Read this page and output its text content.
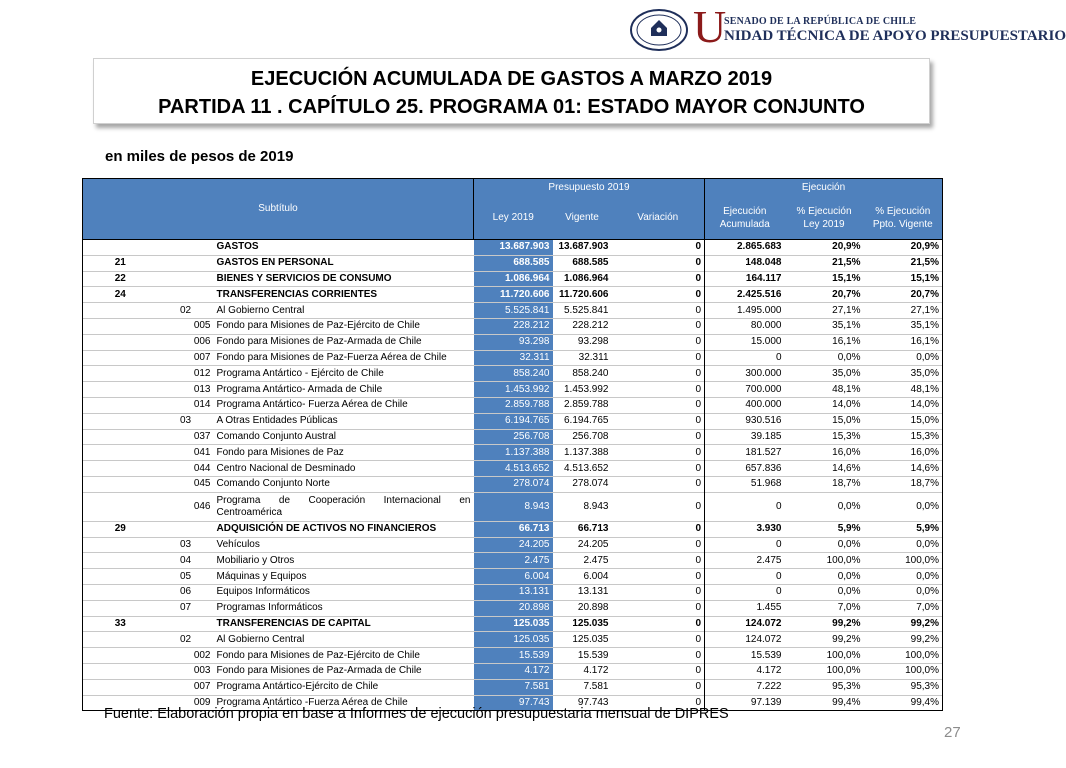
U
SENADO DE LA REPÚBLICA DE CHILE
NIDAD TÉCNICA DE APOYO PRESUPUESTARIO
EJECUCIÓN ACUMULADA DE GASTOS A MARZO 2019
PARTIDA 11 . CAPÍTULO 25. PROGRAMA 01: ESTADO MAYOR CONJUNTO
en miles de pesos de 2019
Subtítulo			Presupuesto 2019			Ejecución		
			Ley 2019	Vigente	Variación	Ejecución Acumulada	% Ejecución Ley 2019	% Ejecución Ppto. Vigente
			GASTOS	13.687.903	13.687.903	0	2.865.683	20,9%	20,9%
21			GASTOS EN PERSONAL	688.585	688.585	0	148.048	21,5%	21,5%
22			BIENES Y SERVICIOS DE CONSUMO	1.086.964	1.086.964	0	164.117	15,1%	15,1%
24			TRANSFERENCIAS CORRIENTES	11.720.606	11.720.606	0	2.425.516	20,7%	20,7%
	02		Al Gobierno Central	5.525.841	5.525.841	0	1.495.000	27,1%	27,1%
	005		Fondo para Misiones de Paz-Ejército de Chile	228.212	228.212	0	80.000	35,1%	35,1%
	006		Fondo para Misiones de Paz-Armada de Chile	93.298	93.298	0	15.000	16,1%	16,1%
	007		Fondo para Misiones de Paz-Fuerza Aérea de Chile	32.311	32.311	0	0	0,0%	0,0%
	012		Programa Antártico - Ejército de Chile	858.240	858.240	0	300.000	35,0%	35,0%
	013		Programa Antártico- Armada de Chile	1.453.992	1.453.992	0	700.000	48,1%	48,1%
	014		Programa Antártico- Fuerza Aérea de Chile	2.859.788	2.859.788	0	400.000	14,0%	14,0%
	03		A Otras Entidades Públicas	6.194.765	6.194.765	0	930.516	15,0%	15,0%
	037		Comando Conjunto Austral	256.708	256.708	0	39.185	15,3%	15,3%
	041		Fondo para Misiones de Paz	1.137.388	1.137.388	0	181.527	16,0%	16,0%
	044		Centro Nacional de Desminado	4.513.652	4.513.652	0	657.836	14,6%	14,6%
	045		Comando Conjunto Norte	278.074	278.074	0	51.968	18,7%	18,7%
	046		Programa de Cooperación Internacional en Centroamérica	8.943	8.943	0	0	0,0%	0,0%
29			ADQUISICIÓN DE ACTIVOS NO FINANCIEROS	66.713	66.713	0	3.930	5,9%	5,9%
	03		Vehículos	24.205	24.205	0	0	0,0%	0,0%
	04		Mobiliario y Otros	2.475	2.475	0	2.475	100,0%	100,0%
	05		Máquinas y Equipos	6.004	6.004	0	0	0,0%	0,0%
	06		Equipos Informáticos	13.131	13.131	0	0	0,0%	0,0%
	07		Programas Informáticos	20.898	20.898	0	1.455	7,0%	7,0%
33			TRANSFERENCIAS DE CAPITAL	125.035	125.035	0	124.072	99,2%	99,2%
	02		Al Gobierno Central	125.035	125.035	0	124.072	99,2%	99,2%
	002		Fondo para Misiones de Paz-Ejército de Chile	15.539	15.539	0	15.539	100,0%	100,0%
	003		Fondo para Misiones de Paz-Armada de Chile	4.172	4.172	0	4.172	100,0%	100,0%
	007		Programa Antártico-Ejército de Chile	7.581	7.581	0	7.222	95,3%	95,3%
	009		Programa Antártico -Fuerza Aérea de Chile	97.743	97.743	0	97.139	99,4%	99,4%
Fuente: Elaboración propia en base a Informes de ejecución presupuestaria mensual de DIPRES
27
